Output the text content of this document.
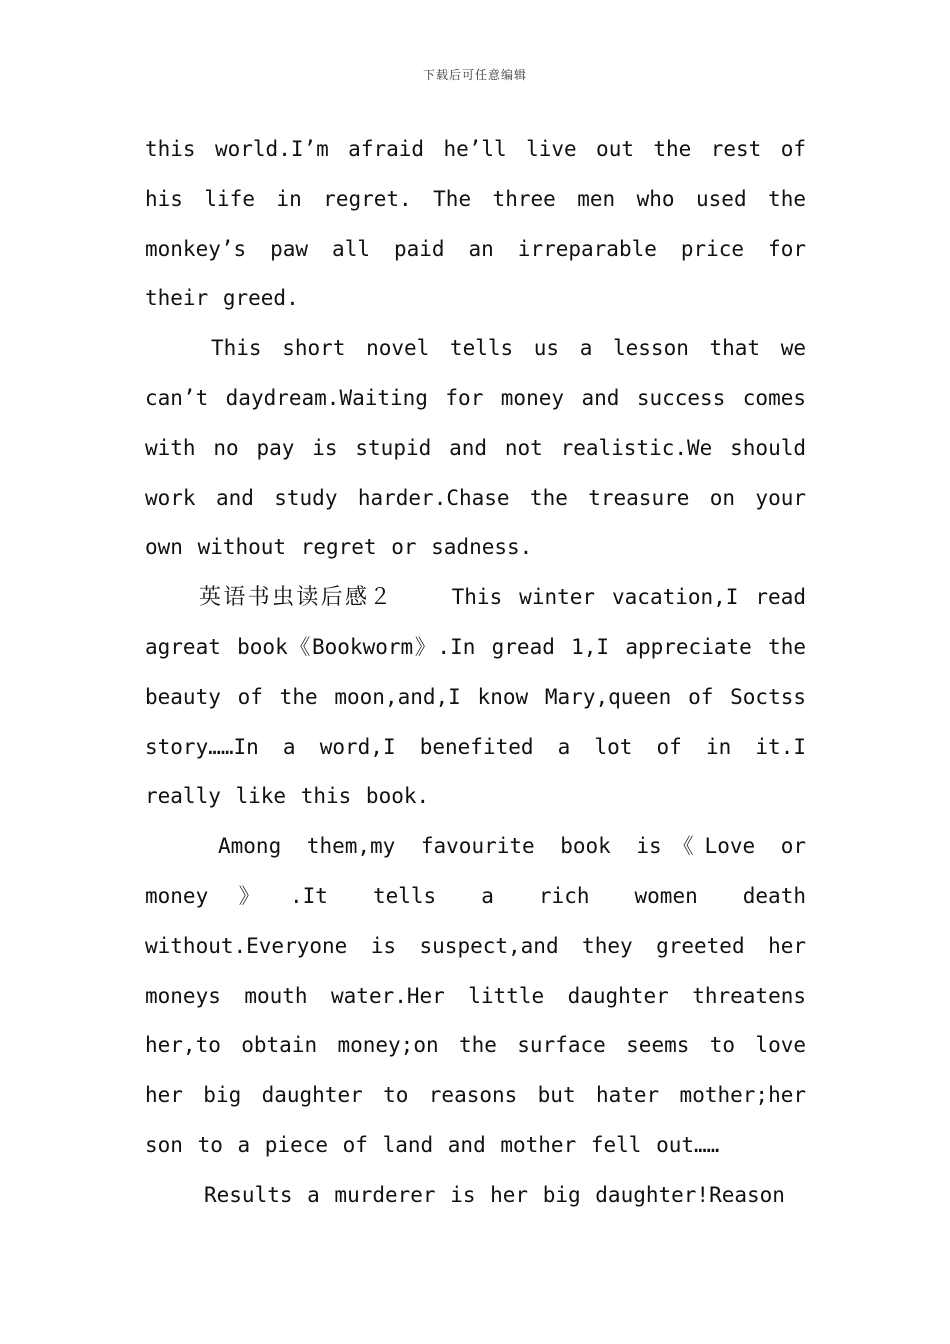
下载后可任意编辑

this world.I’m afraid he’ll live out the rest of his life in regret. The three men who used the monkey’s paw all paid an irreparable price for their greed.

This short novel tells us a lesson that we can’t daydream.Waiting for money and success comes with no pay is stupid and not realistic.We should work and study harder.Chase the treasure on your own without regret or sadness.

英语书虫读后感２	This winter vacation,I read agreat book《Bookworm》.In gread 1,I appreciate the beauty of the moon,and,I know Mary,queen of Soctss story……In a word,I benefited a lot of in it.I really like this book.

Among them,my favourite book is《Love or money》.It tells a rich women death without.Everyone is suspect,and they greeted her moneys mouth water.Her little daughter threatens her,to obtain money;on the surface seems to love her big daughter to reasons but hater mother;her son to a piece of land and mother fell out……

Results a murderer is her big daughter!Reason
